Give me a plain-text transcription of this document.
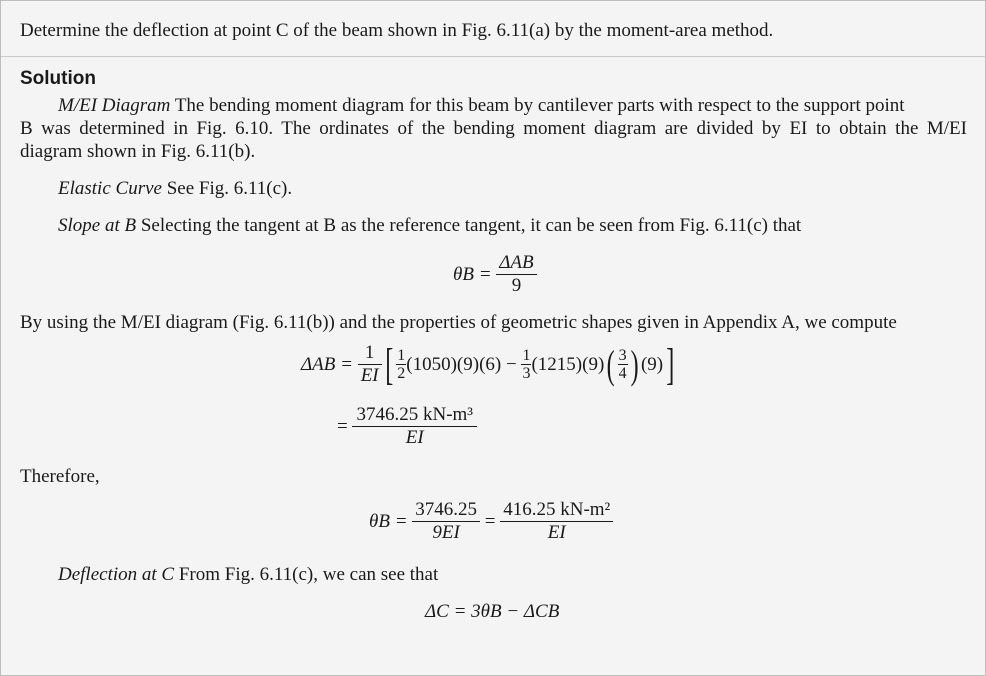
Determine the deflection at point C of the beam shown in Fig. 6.11(a) by the moment-area method.
Solution
M/EI Diagram The bending moment diagram for this beam by cantilever parts with respect to the support point
B was determined in Fig. 6.10. The ordinates of the bending moment diagram are divided by EI to obtain the M/EI
diagram shown in Fig. 6.11(b).
Elastic Curve See Fig. 6.11(c).
Slope at B Selecting the tangent at B as the reference tangent, it can be seen from Fig. 6.11(c) that
$\theta B = \frac{\text{ΔAB}}{9}$
By using the M/EI diagram (Fig. 6.11(b)) and the properties of geometric shapes given in Appendix A, we compute
$\Delta AB = \frac{1}{EI}$ [ $\frac{1}{2} (1050)(9)(6) - \frac{1}{3} (1215)(9)( \frac{3}{4}$ ) (9)]
= $\frac{\text{3746.25 kN-m³}}{EI}$
Therefore,
$\theta B = \frac{3746.25}{9EI} = \frac{\text{416.25 kN-m²}}{EI}$
Deflection at C From Fig. 6.11(c), we can see that
ΔC = 3θB − ΔCB
